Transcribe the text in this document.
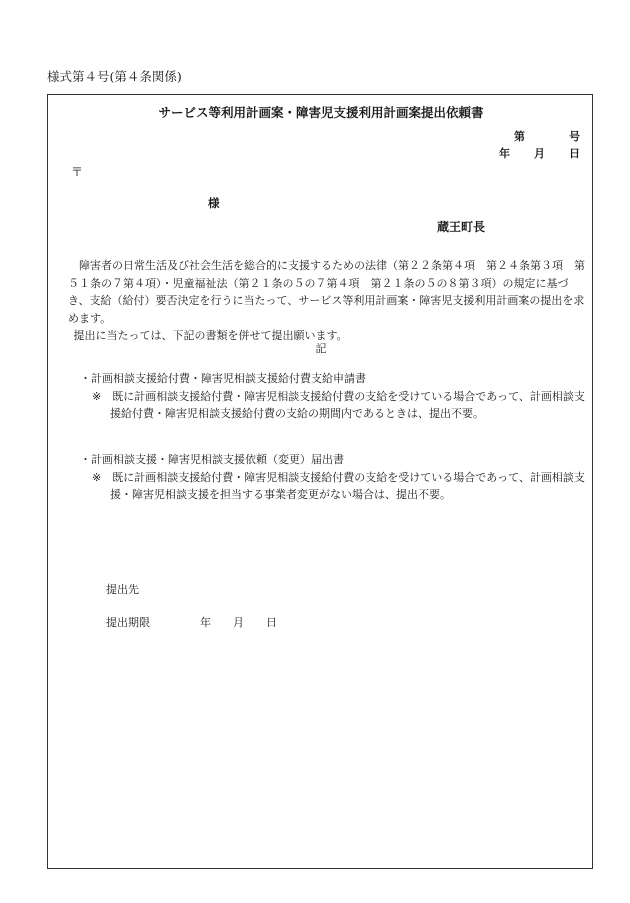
様式第４号(第４条関係)
サービス等利用計画案・障害児支援利用計画案提出依頼書
第	号
年 月 日
〒
様
蔵王町長

障害者の日常生活及び社会生活を総合的に支援するための法律（第２２条第４項　第２４条第３項　第５１条の７第４項）・児童福祉法（第２１条の５の７第４項　第２１条の５の８第３項）の規定に基づき、支給（給付）要否決定を行うに当たって、サービス等利用計画案・障害児支援利用計画案の提出を求めます。

提出に当たっては、下記の書類を併せて提出願います。

記

・計画相談支援給付費・障害児相談支援給付費支給申請書

※　既に計画相談支援給付費・障害児相談支援給付費の支給を受けている場合であって、計画相談支援給付費・障害児相談支援給付費の支給の期間内であるときは、提出不要。

・計画相談支援・障害児相談支援依頼（変更）届出書

※　既に計画相談支援給付費・障害児相談支援給付費の支給を受けている場合であって、計画相談支援・障害児相談支援を担当する事業者変更がない場合は、提出不要。

提出先
提出期限	年 月 日
